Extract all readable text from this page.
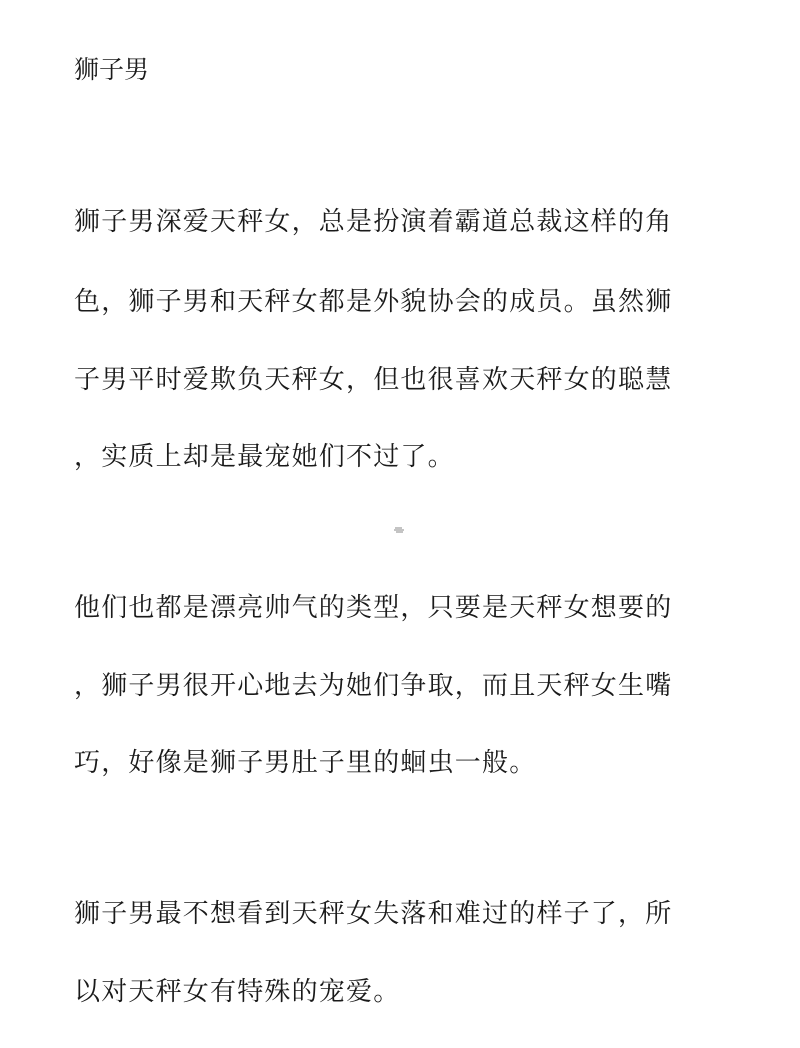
狮子男
狮子男深爱天秤女，总是扮演着霸道总裁这样的角
色，狮子男和天秤女都是外貌协会的成员。虽然狮
子男平时爱欺负天秤女，但也很喜欢天秤女的聪慧
，实质上却是最宠她们不过了。
他们也都是漂亮帅气的类型，只要是天秤女想要的
，狮子男很开心地去为她们争取，而且天秤女生嘴
巧，好像是狮子男肚子里的蛔虫一般。
狮子男最不想看到天秤女失落和难过的样子了，所
以对天秤女有特殊的宠爱。
